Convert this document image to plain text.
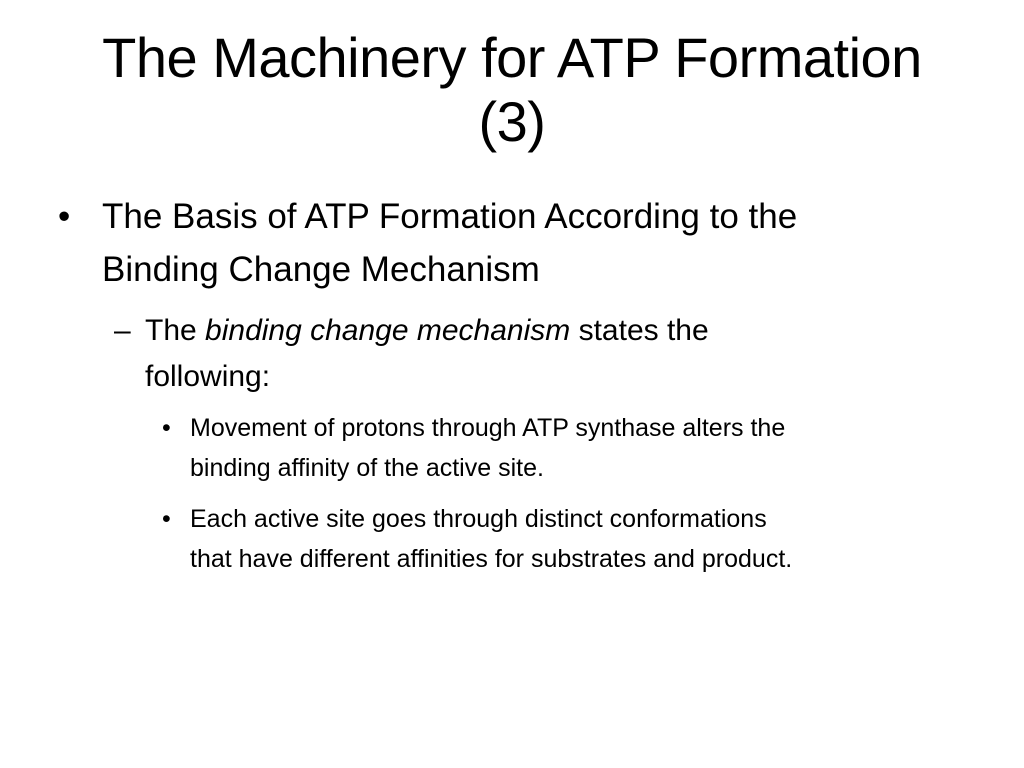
The Machinery for ATP Formation
(3)
• The Basis of ATP Formation According to the
Binding Change Mechanism
– The binding change mechanism states the
following:
• Movement of protons through ATP synthase alters the
binding affinity of the active site.
• Each active site goes through distinct conformations
that have different affinities for substrates and product.
